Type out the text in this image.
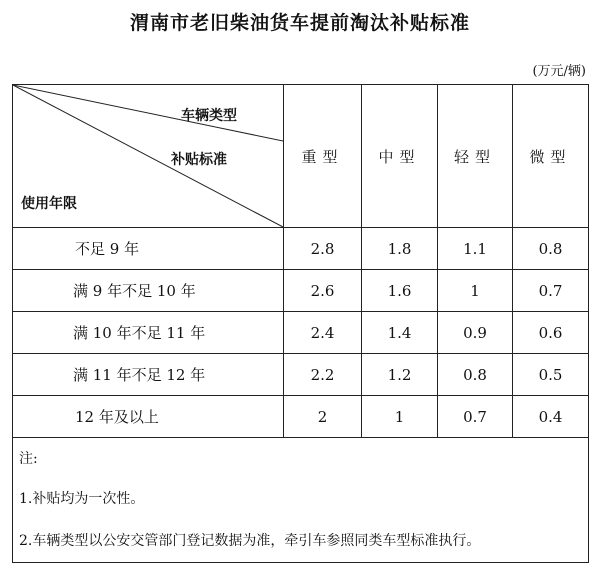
渭南市老旧柴油货车提前淘汰补贴标准
(万元/辆)
车辆类型
补贴标准
使用年限	重型	中型	轻型	微型
不足 9 年	2.8	1.8	1.1	0.8
满 9 年不足 10 年	2.6	1.6	1	0.7
满 10 年不足 11 年	2.4	1.4	0.9	0.6
满 11 年不足 12 年	2.2	1.2	0.8	0.5
12 年及以上	2	1	0.7	0.4
注:				
1.补贴均为一次性。				
2.车辆类型以公安交管部门登记数据为准，牵引车参照同类车型标准执行。				
